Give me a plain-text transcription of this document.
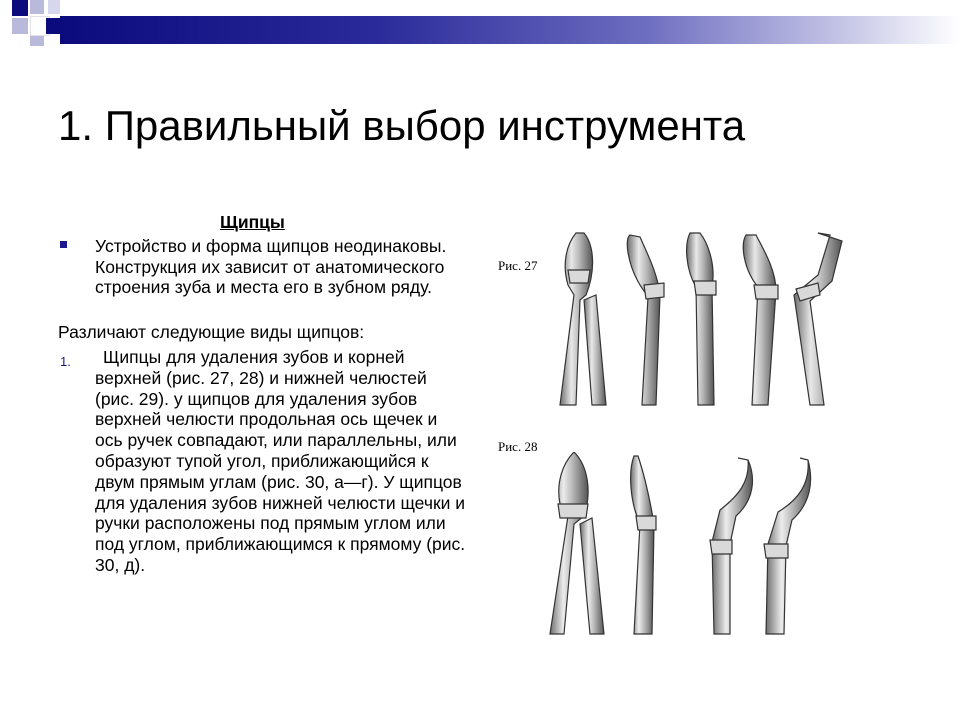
1. Правильный выбор инструмента
Щипцы
Устройство и форма щипцов неодинаковы. Конструкция их зависит от анатомического строения зуба и места его в зубном ряду.
Различают следующие виды щипцов:
1.	Щипцы для удаления зубов и корней верхней (рис. 27, 28) и нижней челюстей (рис. 29). у щипцов для удаления зубов верхней челюсти продольная ось щечек и ось ручек совпадают, или параллельны, или образуют тупой угол, приближающийся к двум прямым углам (рис. 30, а—г). У щипцов для удаления зубов нижней челюсти щечки и ручки расположены под прямым углом или под углом, приближающимся к прямому (рис. 30, д).
Рис. 27
Рис. 28
